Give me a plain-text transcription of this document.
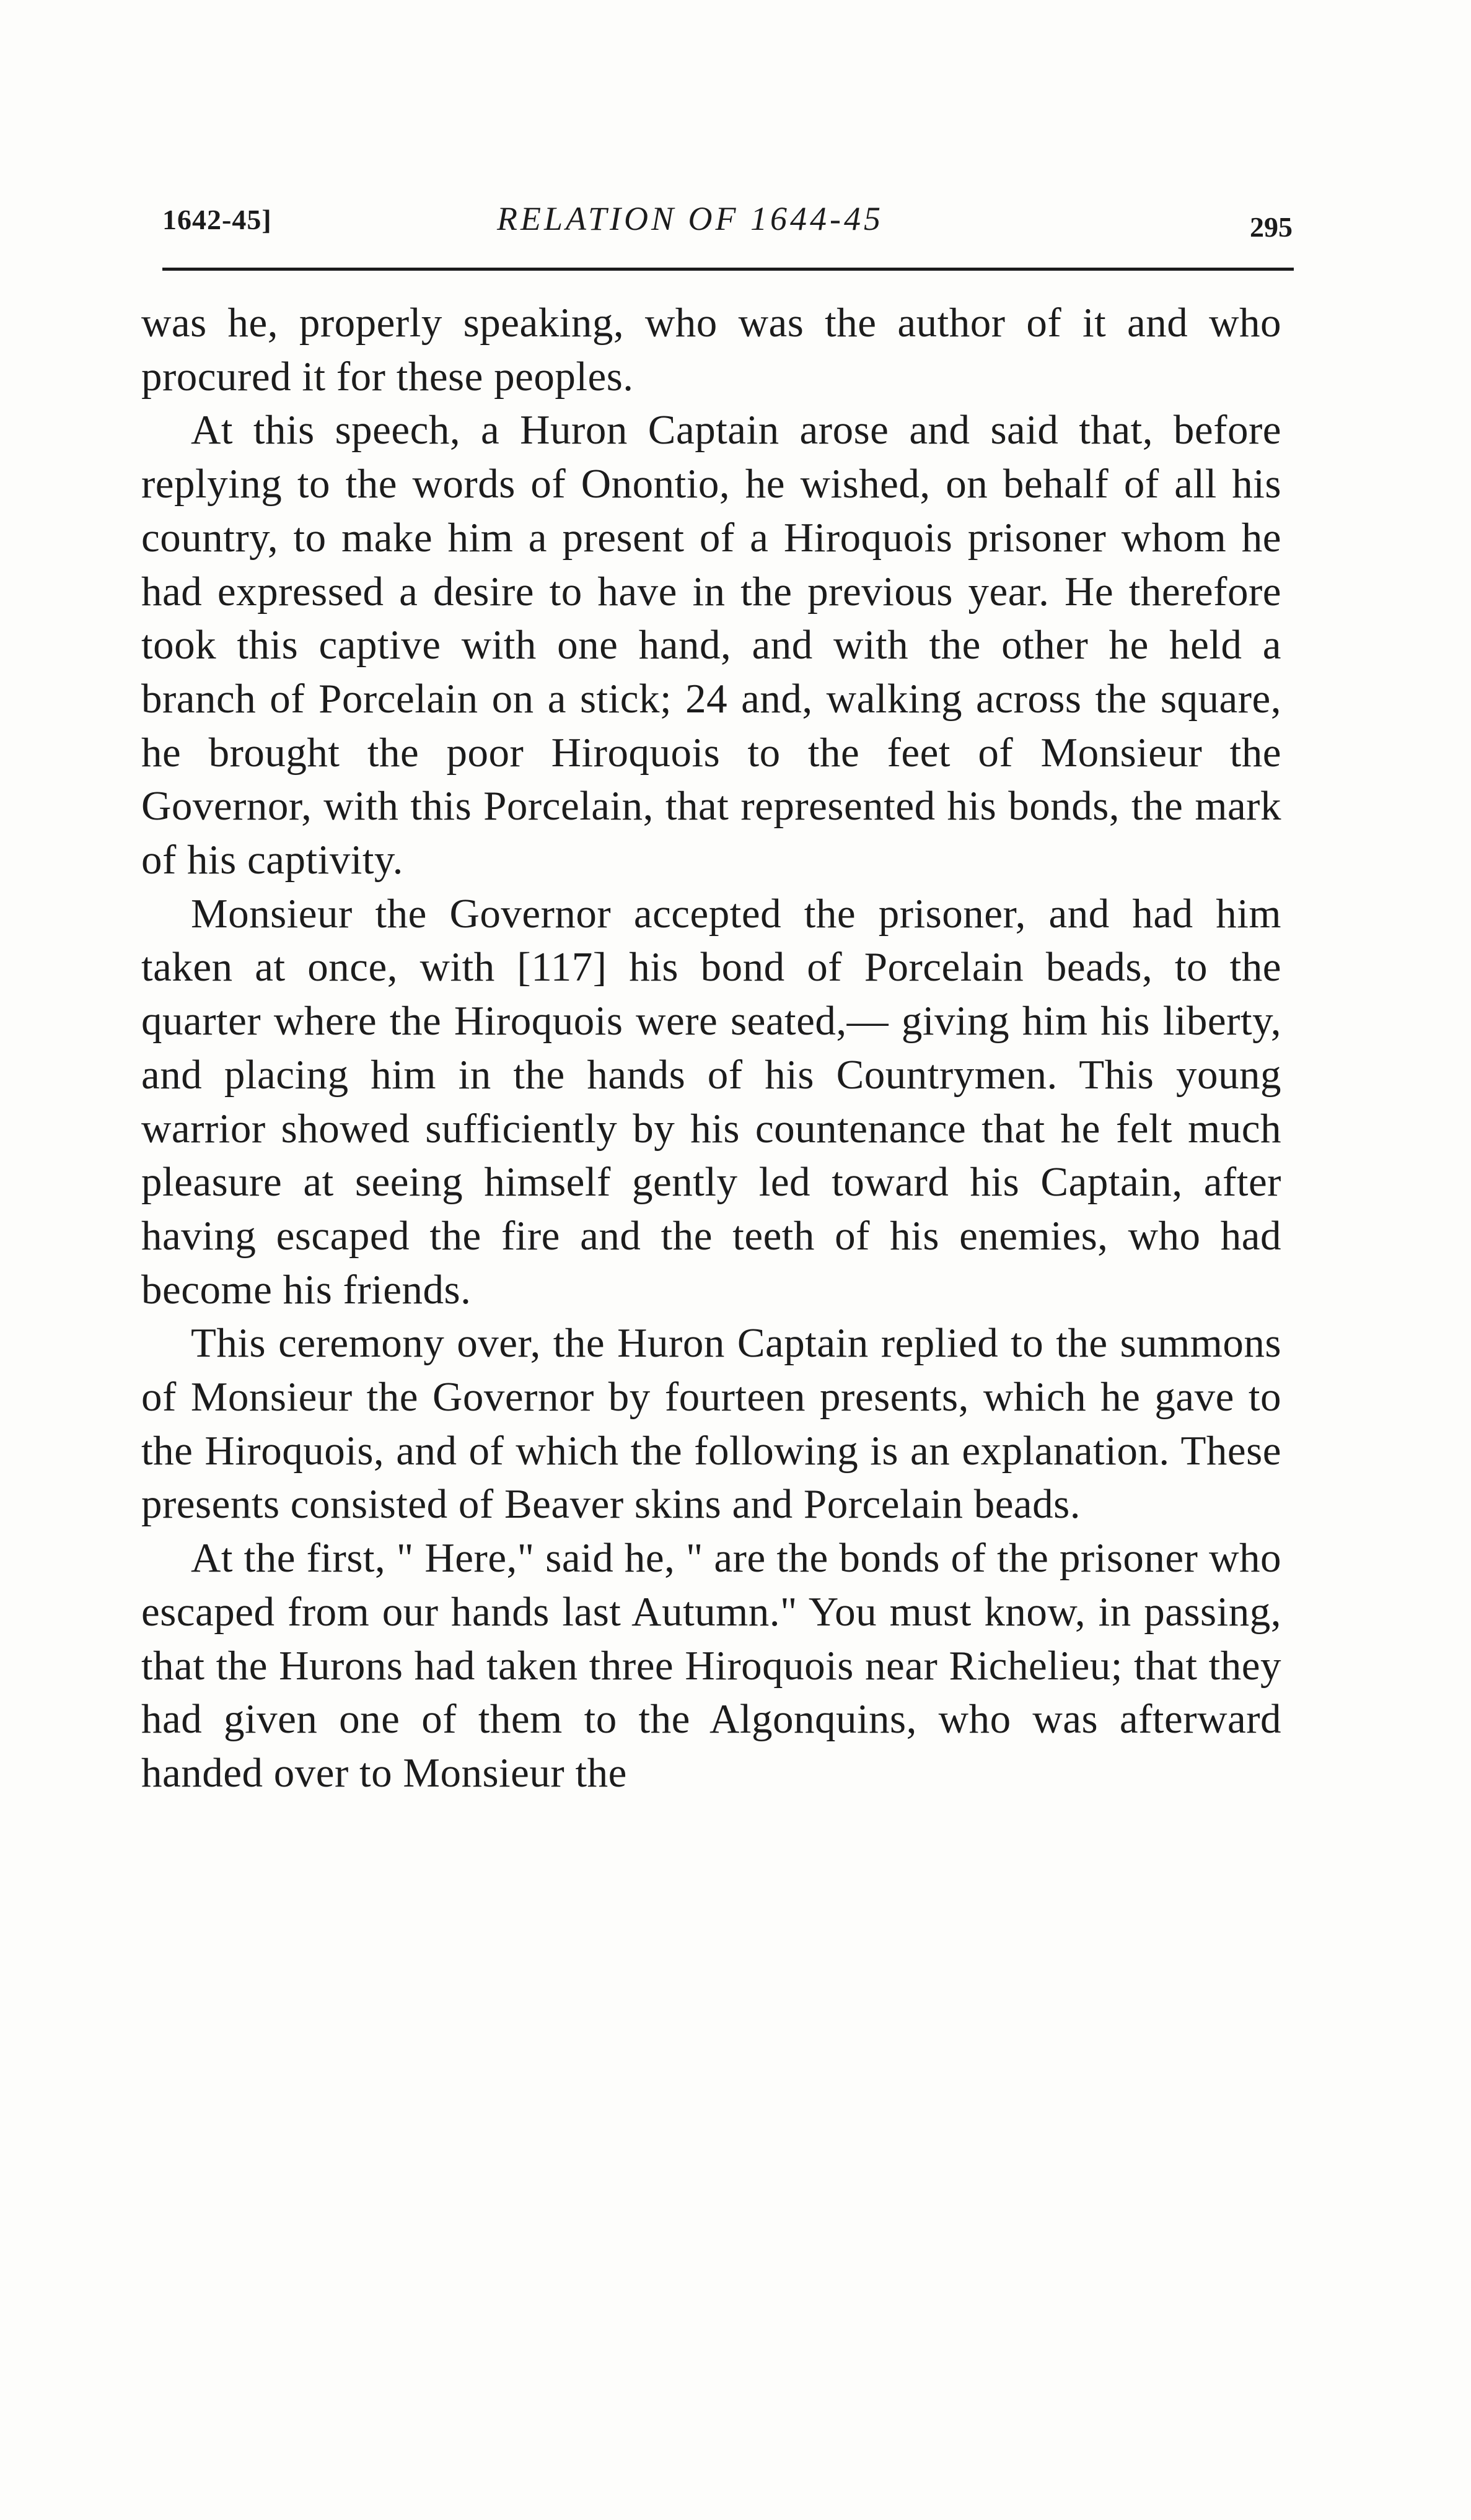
1642-45]	RELATION OF 1644-45	295

was he, properly speaking, who was the author of it and who procured it for these peoples.

At this speech, a Huron Captain arose and said that, before replying to the words of Onontio, he wished, on behalf of all his country, to make him a present of a Hiroquois prisoner whom he had expressed a desire to have in the previous year. He therefore took this captive with one hand, and with the other he held a branch of Porcelain on a stick; 24 and, walking across the square, he brought the poor Hiroquois to the feet of Monsieur the Governor, with this Porcelain, that represented his bonds, the mark of his captivity.

Monsieur the Governor accepted the prisoner, and had him taken at once, with [117] his bond of Porcelain beads, to the quarter where the Hiroquois were seated,— giving him his liberty, and placing him in the hands of his Countrymen. This young warrior showed sufficiently by his countenance that he felt much pleasure at seeing himself gently led toward his Captain, after having escaped the fire and the teeth of his enemies, who had become his friends.

This ceremony over, the Huron Captain replied to the summons of Monsieur the Governor by fourteen presents, which he gave to the Hiroquois, and of which the following is an explanation. These presents consisted of Beaver skins and Porcelain beads.

At the first, " Here," said he, " are the bonds of the prisoner who escaped from our hands last Autumn." You must know, in passing, that the Hurons had taken three Hiroquois near Richelieu; that they had given one of them to the Algonquins, who was afterward handed over to Monsieur the
